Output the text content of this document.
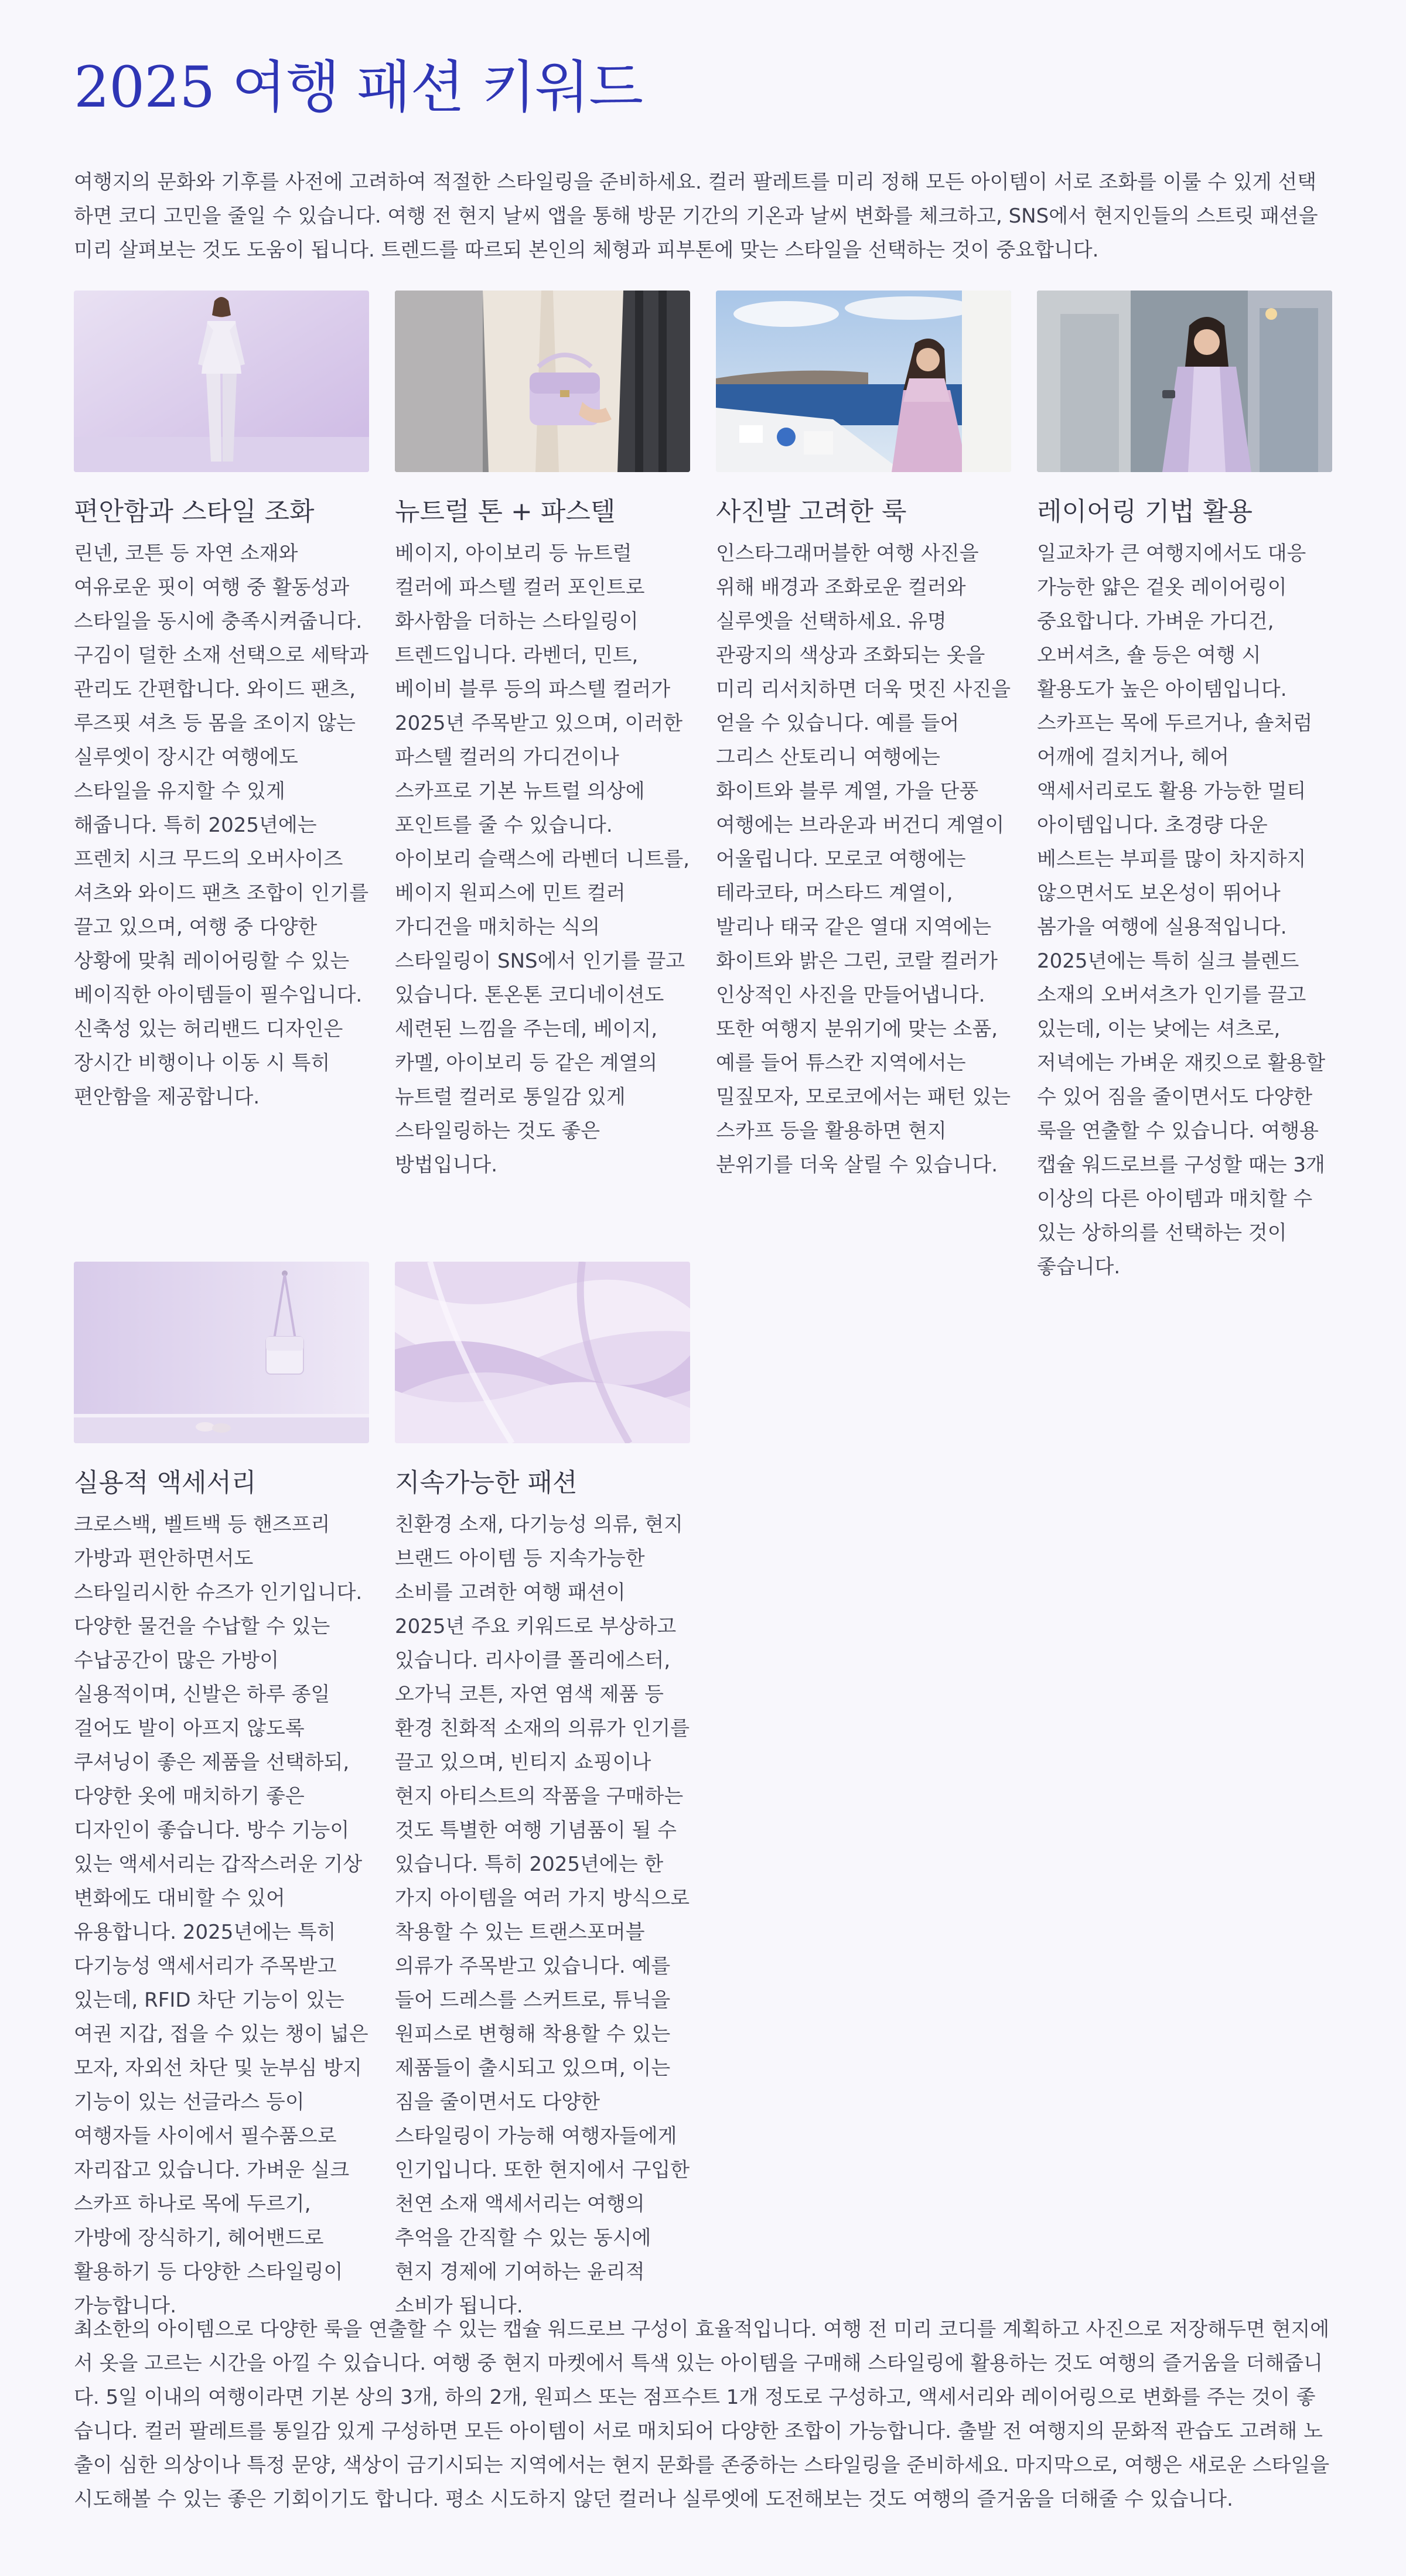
2025 여행 패션 키워드

여행지의 문화와 기후를 사전에 고려하여 적절한 스타일링을 준비하세요. 컬러 팔레트를 미리 정해 모든 아이템이 서로 조화를 이룰 수 있게 선택하면 코디 고민을 줄일 수 있습니다. 여행 전 현지 날씨 앱을 통해 방문 기간의 기온과 날씨 변화를 체크하고, SNS에서 현지인들의 스트릿 패션을 미리 살펴보는 것도 도움이 됩니다. 트렌드를 따르되 본인의 체형과 피부톤에 맞는 스타일을 선택하는 것이 중요합니다.

편안함과 스타일 조화

린넨, 코튼 등 자연 소재와 여유로운 핏이 여행 중 활동성과 스타일을 동시에 충족시켜줍니다. 구김이 덜한 소재 선택으로 세탁과 관리도 간편합니다. 와이드 팬츠, 루즈핏 셔츠 등 몸을 조이지 않는 실루엣이 장시간 여행에도 스타일을 유지할 수 있게 해줍니다. 특히 2025년에는 프렌치 시크 무드의 오버사이즈 셔츠와 와이드 팬츠 조합이 인기를 끌고 있으며, 여행 중 다양한 상황에 맞춰 레이어링할 수 있는 베이직한 아이템들이 필수입니다. 신축성 있는 허리밴드 디자인은 장시간 비행이나 이동 시 특히 편안함을 제공합니다.

뉴트럴 톤 + 파스텔

베이지, 아이보리 등 뉴트럴 컬러에 파스텔 컬러 포인트로 화사함을 더하는 스타일링이 트렌드입니다. 라벤더, 민트, 베이비 블루 등의 파스텔 컬러가 2025년 주목받고 있으며, 이러한 파스텔 컬러의 가디건이나 스카프로 기본 뉴트럴 의상에 포인트를 줄 수 있습니다. 아이보리 슬랙스에 라벤더 니트를, 베이지 원피스에 민트 컬러 가디건을 매치하는 식의 스타일링이 SNS에서 인기를 끌고 있습니다. 톤온톤 코디네이션도 세련된 느낌을 주는데, 베이지, 카멜, 아이보리 등 같은 계열의 뉴트럴 컬러로 통일감 있게 스타일링하는 것도 좋은 방법입니다.

사진발 고려한 룩

인스타그래머블한 여행 사진을 위해 배경과 조화로운 컬러와 실루엣을 선택하세요. 유명 관광지의 색상과 조화되는 옷을 미리 리서치하면 더욱 멋진 사진을 얻을 수 있습니다. 예를 들어 그리스 산토리니 여행에는 화이트와 블루 계열, 가을 단풍 여행에는 브라운과 버건디 계열이 어울립니다. 모로코 여행에는 테라코타, 머스타드 계열이, 발리나 태국 같은 열대 지역에는 화이트와 밝은 그린, 코랄 컬러가 인상적인 사진을 만들어냅니다. 또한 여행지 분위기에 맞는 소품, 예를 들어 튜스칸 지역에서는 밀짚모자, 모로코에서는 패턴 있는 스카프 등을 활용하면 현지 분위기를 더욱 살릴 수 있습니다.

레이어링 기법 활용

일교차가 큰 여행지에서도 대응 가능한 얇은 겉옷 레이어링이 중요합니다. 가벼운 가디건, 오버셔츠, 숄 등은 여행 시 활용도가 높은 아이템입니다. 스카프는 목에 두르거나, 숄처럼 어깨에 걸치거나, 헤어 액세서리로도 활용 가능한 멀티 아이템입니다. 초경량 다운 베스트는 부피를 많이 차지하지 않으면서도 보온성이 뛰어나 봄가을 여행에 실용적입니다. 2025년에는 특히 실크 블렌드 소재의 오버셔츠가 인기를 끌고 있는데, 이는 낮에는 셔츠로, 저녁에는 가벼운 재킷으로 활용할 수 있어 짐을 줄이면서도 다양한 룩을 연출할 수 있습니다. 여행용 캡슐 워드로브를 구성할 때는 3개 이상의 다른 아이템과 매치할 수 있는 상하의를 선택하는 것이 좋습니다.

실용적 액세서리

크로스백, 벨트백 등 핸즈프리 가방과 편안하면서도 스타일리시한 슈즈가 인기입니다. 다양한 물건을 수납할 수 있는 수납공간이 많은 가방이 실용적이며, 신발은 하루 종일 걸어도 발이 아프지 않도록 쿠셔닝이 좋은 제품을 선택하되, 다양한 옷에 매치하기 좋은 디자인이 좋습니다. 방수 기능이 있는 액세서리는 갑작스러운 기상 변화에도 대비할 수 있어 유용합니다. 2025년에는 특히 다기능성 액세서리가 주목받고 있는데, RFID 차단 기능이 있는 여권 지갑, 접을 수 있는 챙이 넓은 모자, 자외선 차단 및 눈부심 방지 기능이 있는 선글라스 등이 여행자들 사이에서 필수품으로 자리잡고 있습니다. 가벼운 실크 스카프 하나로 목에 두르기, 가방에 장식하기, 헤어밴드로 활용하기 등 다양한 스타일링이 가능합니다.

지속가능한 패션

친환경 소재, 다기능성 의류, 현지 브랜드 아이템 등 지속가능한 소비를 고려한 여행 패션이 2025년 주요 키워드로 부상하고 있습니다. 리사이클 폴리에스터, 오가닉 코튼, 자연 염색 제품 등 환경 친화적 소재의 의류가 인기를 끌고 있으며, 빈티지 쇼핑이나 현지 아티스트의 작품을 구매하는 것도 특별한 여행 기념품이 될 수 있습니다. 특히 2025년에는 한 가지 아이템을 여러 가지 방식으로 착용할 수 있는 트랜스포머블 의류가 주목받고 있습니다. 예를 들어 드레스를 스커트로, 튜닉을 원피스로 변형해 착용할 수 있는 제품들이 출시되고 있으며, 이는 짐을 줄이면서도 다양한 스타일링이 가능해 여행자들에게 인기입니다. 또한 현지에서 구입한 천연 소재 액세서리는 여행의 추억을 간직할 수 있는 동시에 현지 경제에 기여하는 윤리적 소비가 됩니다.

최소한의 아이템으로 다양한 룩을 연출할 수 있는 캡슐 워드로브 구성이 효율적입니다. 여행 전 미리 코디를 계획하고 사진으로 저장해두면 현지에서 옷을 고르는 시간을 아낄 수 있습니다. 여행 중 현지 마켓에서 특색 있는 아이템을 구매해 스타일링에 활용하는 것도 여행의 즐거움을 더해줍니다. 5일 이내의 여행이라면 기본 상의 3개, 하의 2개, 원피스 또는 점프수트 1개 정도로 구성하고, 액세서리와 레이어링으로 변화를 주는 것이 좋습니다. 컬러 팔레트를 통일감 있게 구성하면 모든 아이템이 서로 매치되어 다양한 조합이 가능합니다. 출발 전 여행지의 문화적 관습도 고려해 노출이 심한 의상이나 특정 문양, 색상이 금기시되는 지역에서는 현지 문화를 존중하는 스타일링을 준비하세요. 마지막으로, 여행은 새로운 스타일을 시도해볼 수 있는 좋은 기회이기도 합니다. 평소 시도하지 않던 컬러나 실루엣에 도전해보는 것도 여행의 즐거움을 더해줄 수 있습니다.
